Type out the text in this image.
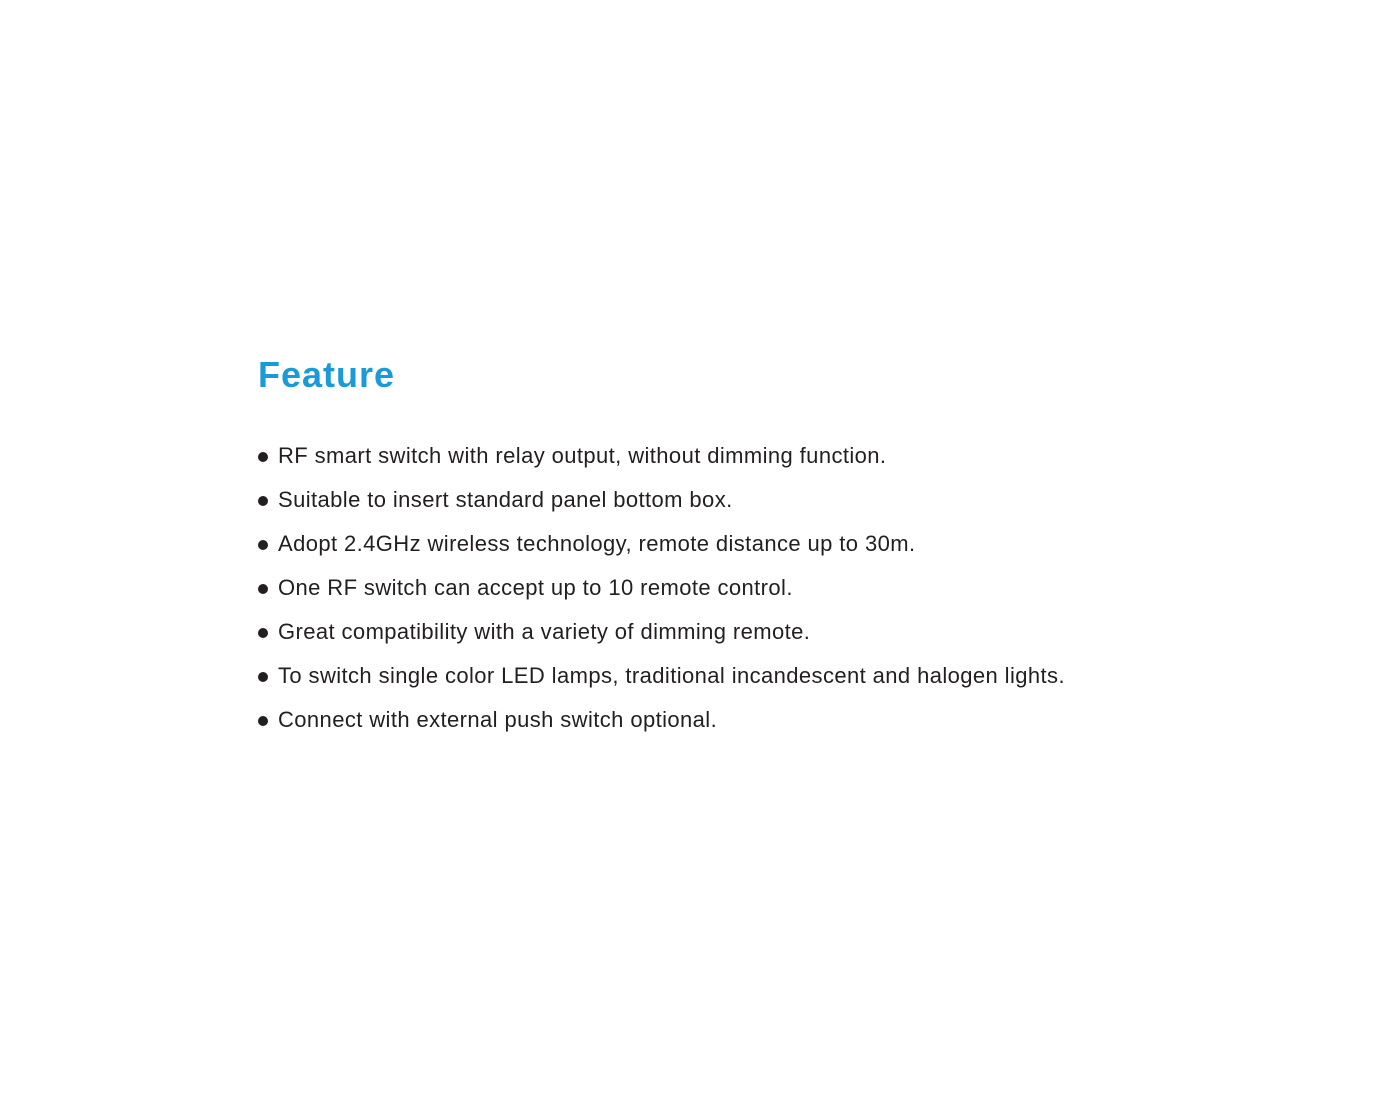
Feature
RF smart switch with relay output, without dimming function.
Suitable to insert standard panel bottom box.
Adopt 2.4GHz wireless technology, remote distance up to 30m.
One RF switch can accept up to 10 remote control.
Great compatibility with a variety of dimming remote.
To switch single color LED lamps, traditional incandescent and halogen lights.
Connect with external push switch optional.
